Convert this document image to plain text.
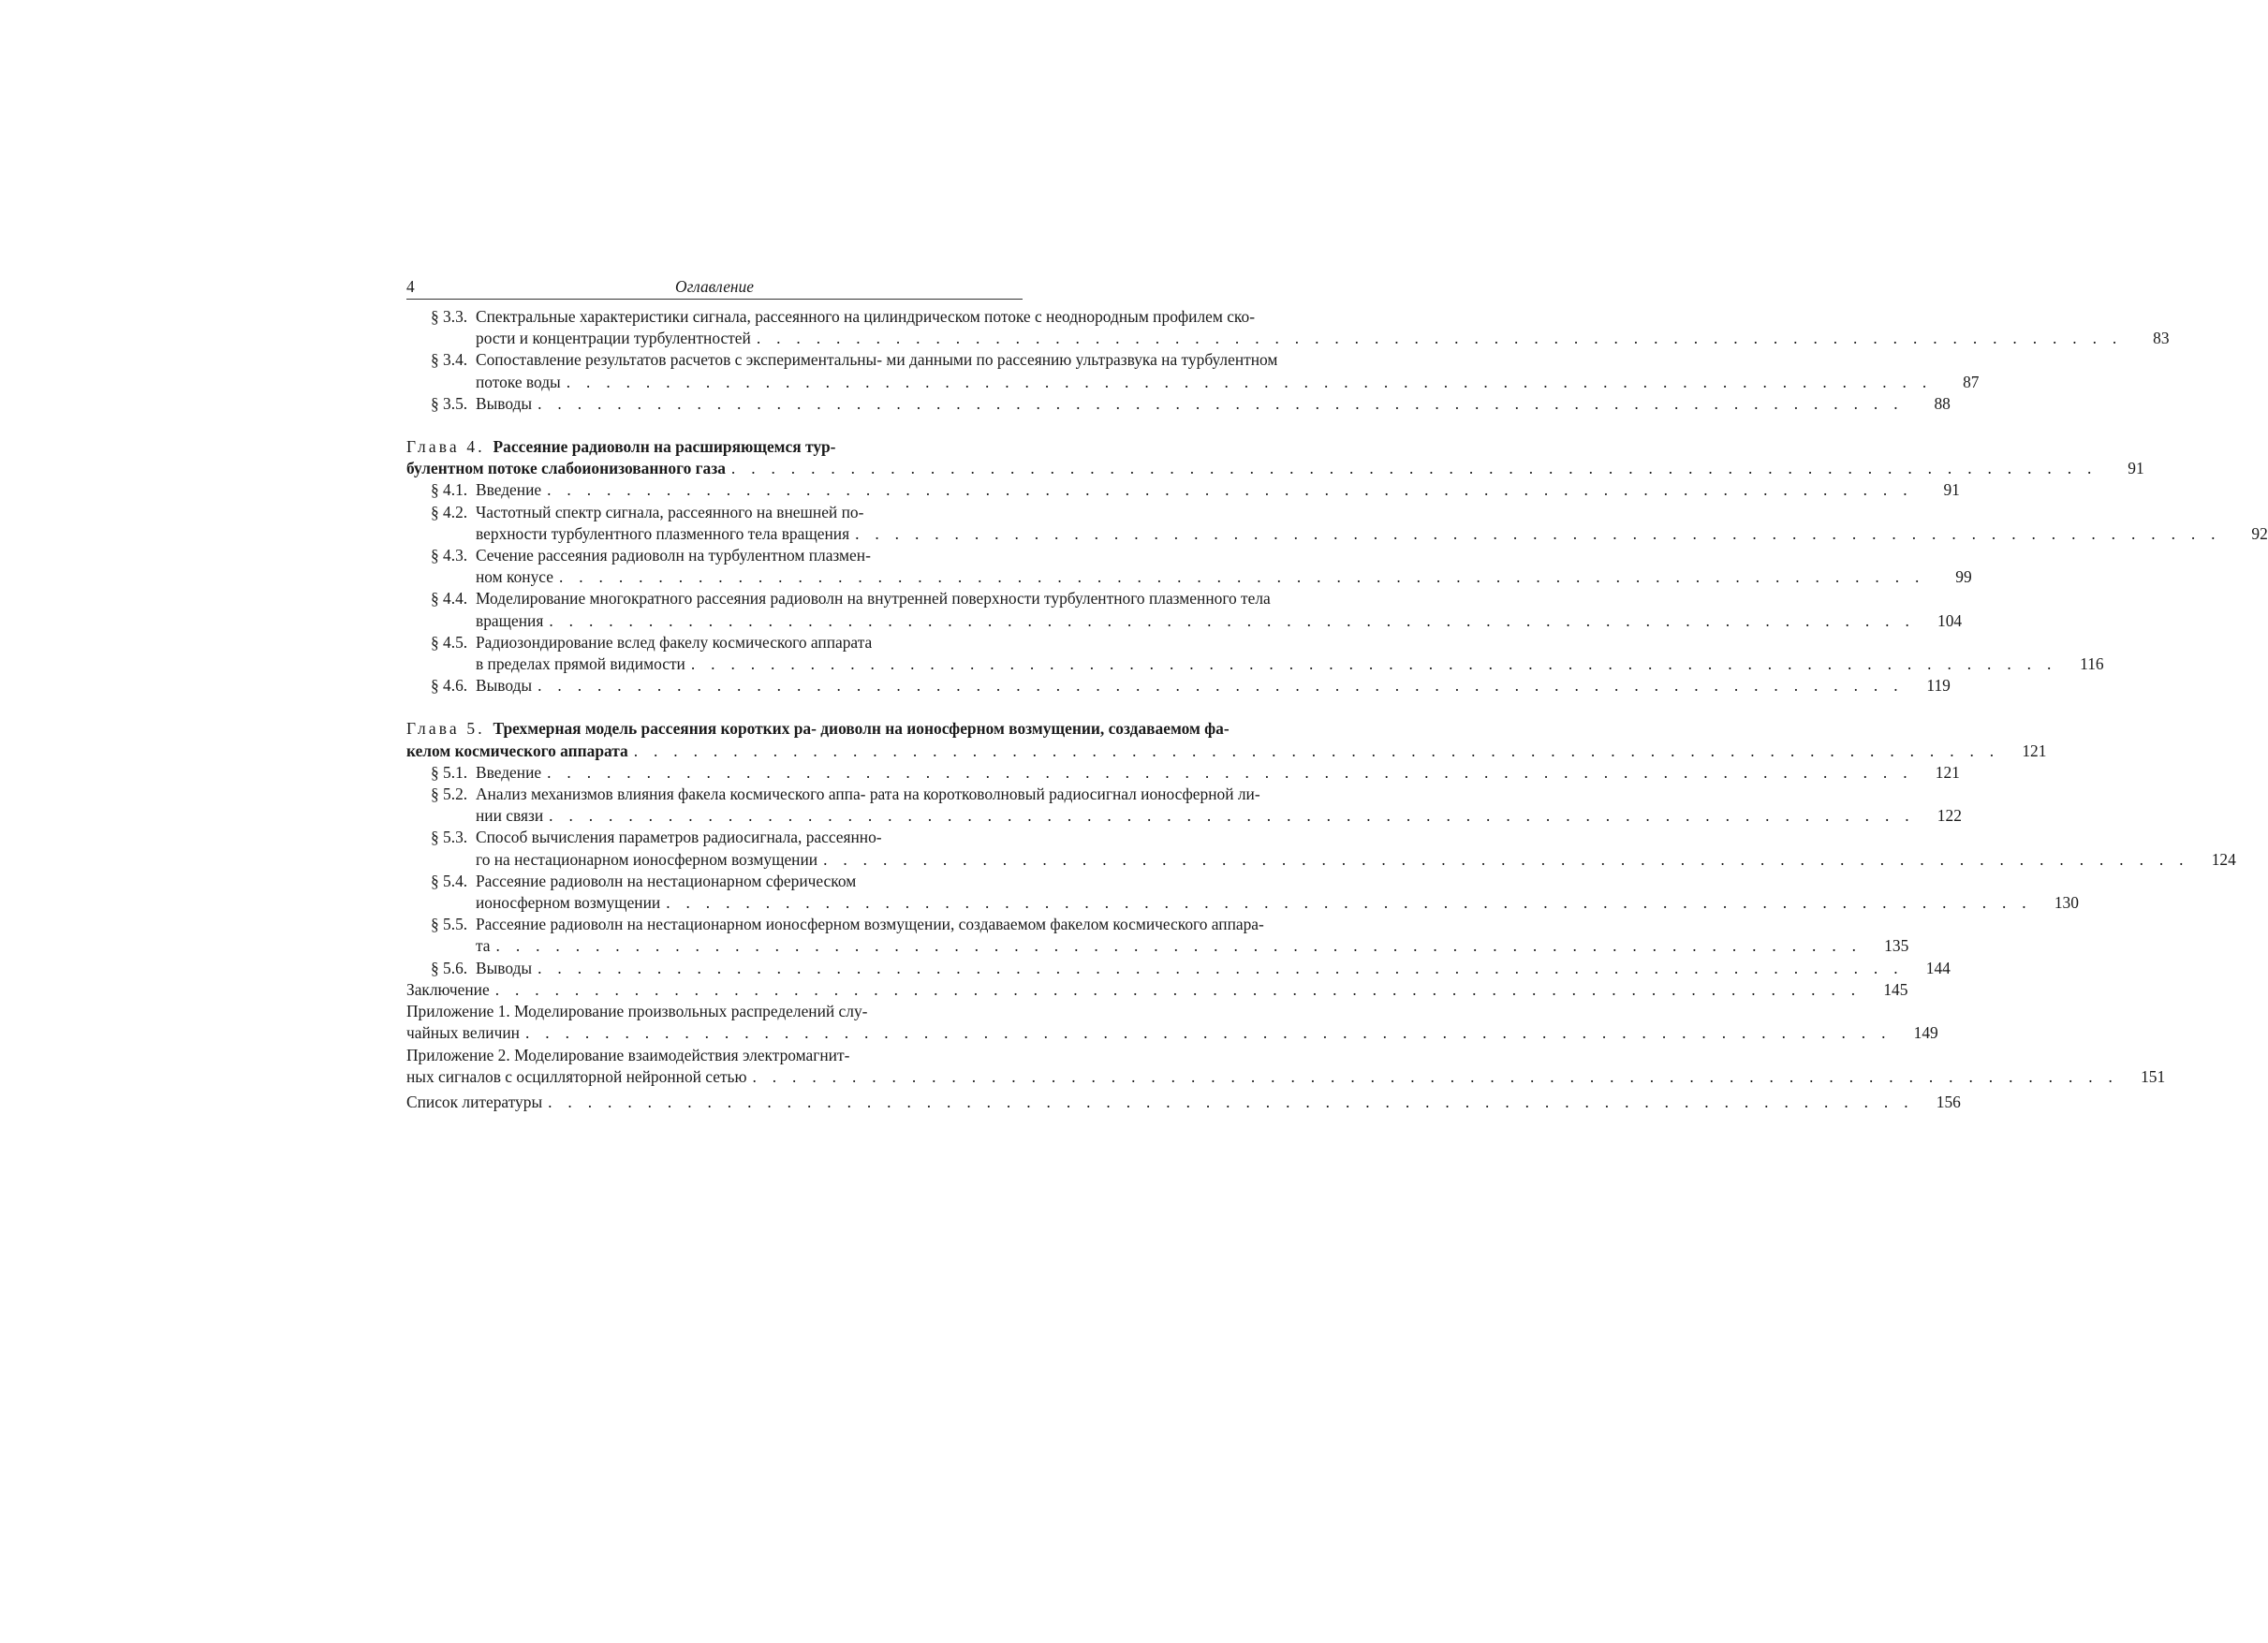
4	Оглавление
§ 3.3. Спектральные характеристики сигнала, рассеянного на цилиндрическом потоке с неоднородным профилем ско-
рости и концентрации турбулентностей . . .	83
§ 3.4. Сопоставление результатов расчетов с экспериментальны- ми данными по рассеянию ультразвука на турбулентном
потоке воды . . .	87
§ 3.5. Выводы . . .	88
Глава 4. Рассеяние радиоволн на расширяющемся тур-
булентном потоке слабоионизованного газа . . .	91
§ 4.1. Введение . . .	91
§ 4.2. Частотный спектр сигнала, рассеянного на внешней по-
верхности турбулентного плазменного тела вращения . . .	92
§ 4.3. Сечение рассеяния радиоволн на турбулентном плазмен-
ном конусе . . .	99
§ 4.4. Моделирование многократного рассеяния радиоволн на внутренней поверхности турбулентного плазменного тела
вращения . . .	104
§ 4.5. Радиозондирование вслед факелу космического аппарата
в пределах прямой видимости . . .	116
§ 4.6. Выводы . . .	119
Глава 5. Трехмерная модель рассеяния коротких ра- диоволн на ионосферном возмущении, создаваемом фа-
келом космического аппарата . . .	121
§ 5.1. Введение . . .	121
§ 5.2. Анализ механизмов влияния факела космического аппа- рата на коротковолновый радиосигнал ионосферной ли-
нии связи . . .	122
§ 5.3. Способ вычисления параметров радиосигнала, рассеянно-
го на нестационарном ионосферном возмущении . . .	124
§ 5.4. Рассеяние радиоволн на нестационарном сферическом
ионосферном возмущении . . .	130
§ 5.5. Рассеяние радиоволн на нестационарном ионосферном возмущении, создаваемом факелом космического аппара-
та . . .	135
§ 5.6. Выводы . . .	144
Заключение . . .	145
Приложение 1. Моделирование произвольных распределений слу-
чайных величин . . .	149
Приложение 2. Моделирование взаимодействия электромагнит-
ных сигналов с осцилляторной нейронной сетью . . .	151
Список литературы . . .	156
